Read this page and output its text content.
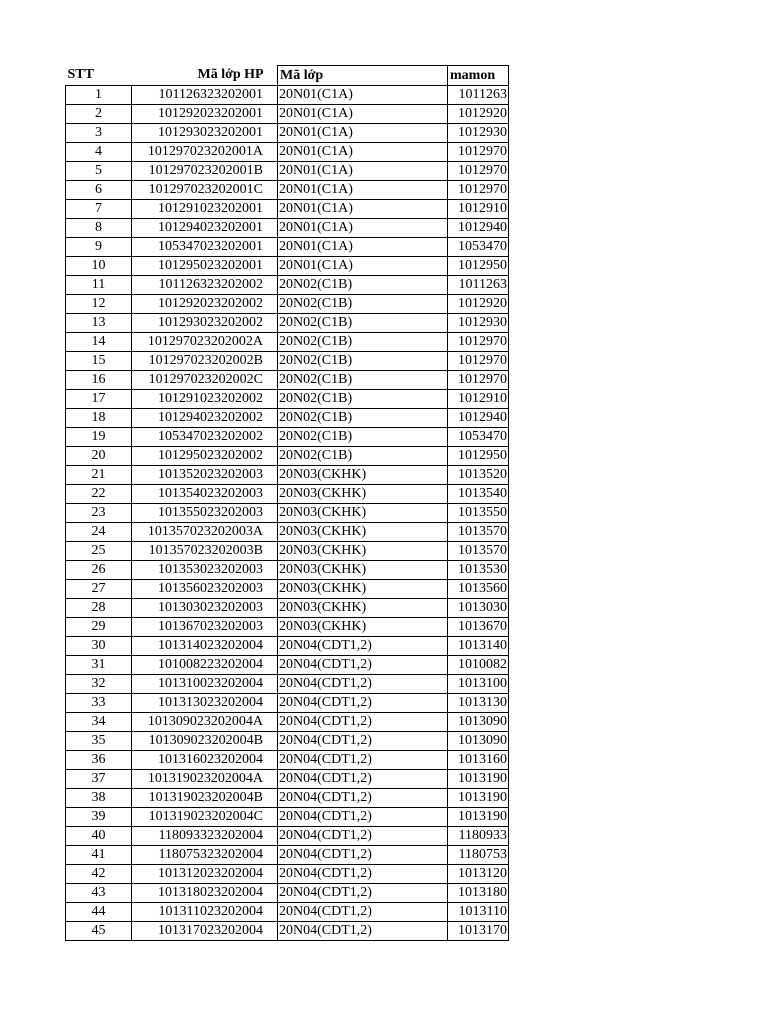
STT	Mã lớp HP	Mã lớp	mamon
1	101126323202001	20N01(C1A)	1011263
2	101292023202001	20N01(C1A)	1012920
3	101293023202001	20N01(C1A)	1012930
4	101297023202001A	20N01(C1A)	1012970
5	101297023202001B	20N01(C1A)	1012970
6	101297023202001C	20N01(C1A)	1012970
7	101291023202001	20N01(C1A)	1012910
8	101294023202001	20N01(C1A)	1012940
9	105347023202001	20N01(C1A)	1053470
10	101295023202001	20N01(C1A)	1012950
11	101126323202002	20N02(C1B)	1011263
12	101292023202002	20N02(C1B)	1012920
13	101293023202002	20N02(C1B)	1012930
14	101297023202002A	20N02(C1B)	1012970
15	101297023202002B	20N02(C1B)	1012970
16	101297023202002C	20N02(C1B)	1012970
17	101291023202002	20N02(C1B)	1012910
18	101294023202002	20N02(C1B)	1012940
19	105347023202002	20N02(C1B)	1053470
20	101295023202002	20N02(C1B)	1012950
21	101352023202003	20N03(CKHK)	1013520
22	101354023202003	20N03(CKHK)	1013540
23	101355023202003	20N03(CKHK)	1013550
24	101357023202003A	20N03(CKHK)	1013570
25	101357023202003B	20N03(CKHK)	1013570
26	101353023202003	20N03(CKHK)	1013530
27	101356023202003	20N03(CKHK)	1013560
28	101303023202003	20N03(CKHK)	1013030
29	101367023202003	20N03(CKHK)	1013670
30	101314023202004	20N04(CDT1,2)	1013140
31	101008223202004	20N04(CDT1,2)	1010082
32	101310023202004	20N04(CDT1,2)	1013100
33	101313023202004	20N04(CDT1,2)	1013130
34	101309023202004A	20N04(CDT1,2)	1013090
35	101309023202004B	20N04(CDT1,2)	1013090
36	101316023202004	20N04(CDT1,2)	1013160
37	101319023202004A	20N04(CDT1,2)	1013190
38	101319023202004B	20N04(CDT1,2)	1013190
39	101319023202004C	20N04(CDT1,2)	1013190
40	118093323202004	20N04(CDT1,2)	1180933
41	118075323202004	20N04(CDT1,2)	1180753
42	101312023202004	20N04(CDT1,2)	1013120
43	101318023202004	20N04(CDT1,2)	1013180
44	101311023202004	20N04(CDT1,2)	1013110
45	101317023202004	20N04(CDT1,2)	1013170
